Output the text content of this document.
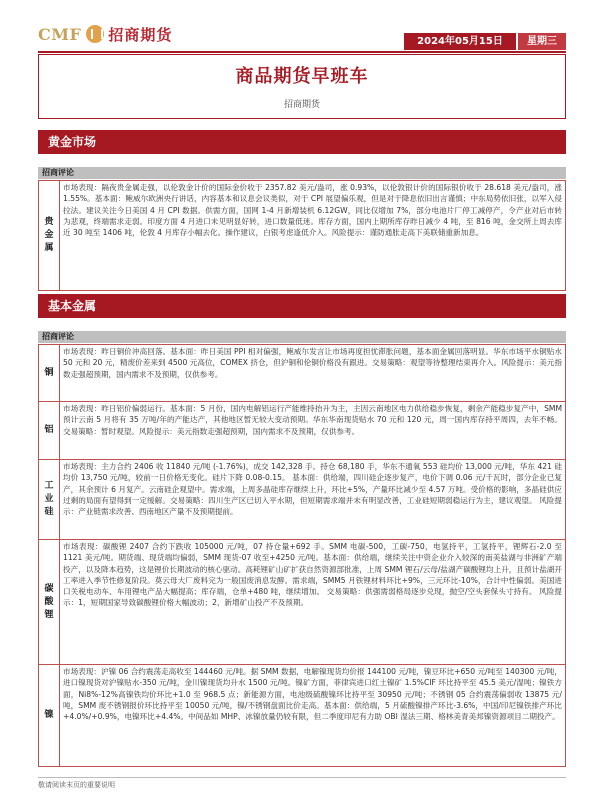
CMF 招商期货	2024年05月15日	星期三
商品期货早班车
招商期货
黄金市场
招商评论
贵金属	市场表现：隔夜贵金属走强，以伦敦金计价的国际金价收于 2357.82 美元/盎司，涨 0.93%，以伦敦银计价的国际银价收于 28.618 美元/盎司，涨 1.55%。基本面：鲍威尔欧洲央行讲话，内容基本和议息会议类似，对于 CPI 展望偏乐观，但是对于降息依旧出言谨慎；中东局势依旧张，以军入侵拉法。建议关注今日美国 4 月 CPI 数据。供需方面，国网 1-4 月新增装机 6.12GW，同比仅增加 7%，部分电池片厂停工减停产，令产业对后市转为悲观，终端需求走弱。印度方面 4 月进口未见明显好转，进口数量低迷。库存方面，国内上期所库存昨日减少 4 吨，至 816 吨，金交所上周去库近 30 吨至 1406 吨，伦敦 4 月库存小幅去化。操作建议，白银考虑逢低介入。风险提示：谨防通胀走高下美联储重新加息。
基本金属
招商评论
铜	市场表现：昨日铜价冲高回落。基本面：昨日美国 PPI 相对偏强，鲍威尔发言让市场再度担忧滞胀问题，基本面金属回落明显。华东市场平水铜贴水 50 元和 20 元，精废价差来到 4500 元高位，COMEX 挤仓，但沪铜和伦铜价格没有跟进。交易策略：观望等待整理结束再介入。风险提示：美元指数走强超预期，国内需求不及预期，仅供参考。
铝	市场表现：昨日铝价偏弱运行。基本面：5 月份，国内电解铝运行产能维持抬升为主，主因云南地区电力供给稳步恢复，剩余产能稳步复产中，SMM 预计云南 5 月将有 35 万吨/年的产能达产，其他地区暂无较大变动预期。华东华南现货贴水 70 元和 120 元，周一国内库存持平周四，去年不畅。交易策略：暂时观望。风险提示：美元指数走强超预期，国内需求不及预期，仅供参考。
工业硅	市场表现：主力合约 2406 收 11840 元/吨 (-1.76%)，成交 142,328 手。持仓 68,180 手，华东不通氧 553 硅均价 13,000 元/吨，华东 421 硅均价 13,750 元/吨，较前一日价格无变化。硅片下降 0.08-0.15。 基本面：供给端，四川硅企逐步复产，电价下调 0.06 元/千瓦时，部分企业已复产，其余预计 6 月复产。云南硅企观望中。需求端，上周多晶硅库存继续上升，环比+5%，产量环比减少至 4.57 万吨。受价格的影响，多晶硅供应过剩的局面有望得到一定缓解。交易策略：四川生产区已切入平水期，但短期需求端并未有明显改善，工业硅短期弱稳运行为主，建议观望。 风险提示：产业链需求改善、西南地区产量不及预期提前。
碳酸锂	市场表现：碳酸锂 2407 合约下跌收 105000 元/吨，07 持仓量+692 手。SMM 电碳-500，工碳-750，电氢持平，工氢持平，锂辉石-2.0 至 1121 美元/吨。期货端、现货端均偏弱，SMM 现货-07 收至+4250 元/吨。基本面：供给端，继续关注中资企业介入较深的南美盐湖与非洲矿产端投产，以及降本趋势，这是锂价长期波动的核心驱动。高耗锂矿山矿扩获自然资源部批准，上周 SMM 锂石/云母/盐湖产碳酸锂均上升，且预计盐湖开工率进入季节性修复阶段。莫云母大厂废料完为一般国废消息发酵。需求端，SMM5 月铁锂材料环比+9%，三元环比-10%，合计中性偏弱。美国进口关税电动车、车用锂电产品大幅提高；库存端，仓单+480 吨，继续增加。 交易策略：供强需弱格局逐步兑现，抛空/空头套保头寸持有。 风险提示：1，短期国家导致碳酸锂价格大幅波动；2，新增矿山投产不及预期。
镍	市场表现：沪镍 06 合约震荡走高收至 144460 元/吨。据 SMM 数据，电解镍现货均价报 144100 元/吨，镍豆环比+650 元/吨至 140300 元/吨，进口镍现货对沪镍贴水-350 元/吨，金川镍现货均升水 1500 元/吨。镍矿方面，菲律宾进口红土镍矿 1.5%CIF 环比持平至 45.5 美元/湿吨；镍铁方面，Ni8%-12%高镍铁均价环比+1.0 至 968.5 点；新能源方面，电池级硫酸镍环比持平至 30950 元/吨；不锈钢 05 合约震荡偏弱收 13875 元/吨，SMM 废不锈钢报价环比持平至 10050 元/吨，镍/不锈钢盘面比价走高。基本面：供给端，5 月硫酸镍排产环比-3.6%，中国/印尼镍铁排产环比+4.0%/+0.9%，电镍环比+4.4%。中间品如 MHP、冰镍放量仍较有限，但二季度印尼有力助 OBI 湿法三期、格林美青美邦镍资源项目二期投产。
敬请阅读末页的重要说明
